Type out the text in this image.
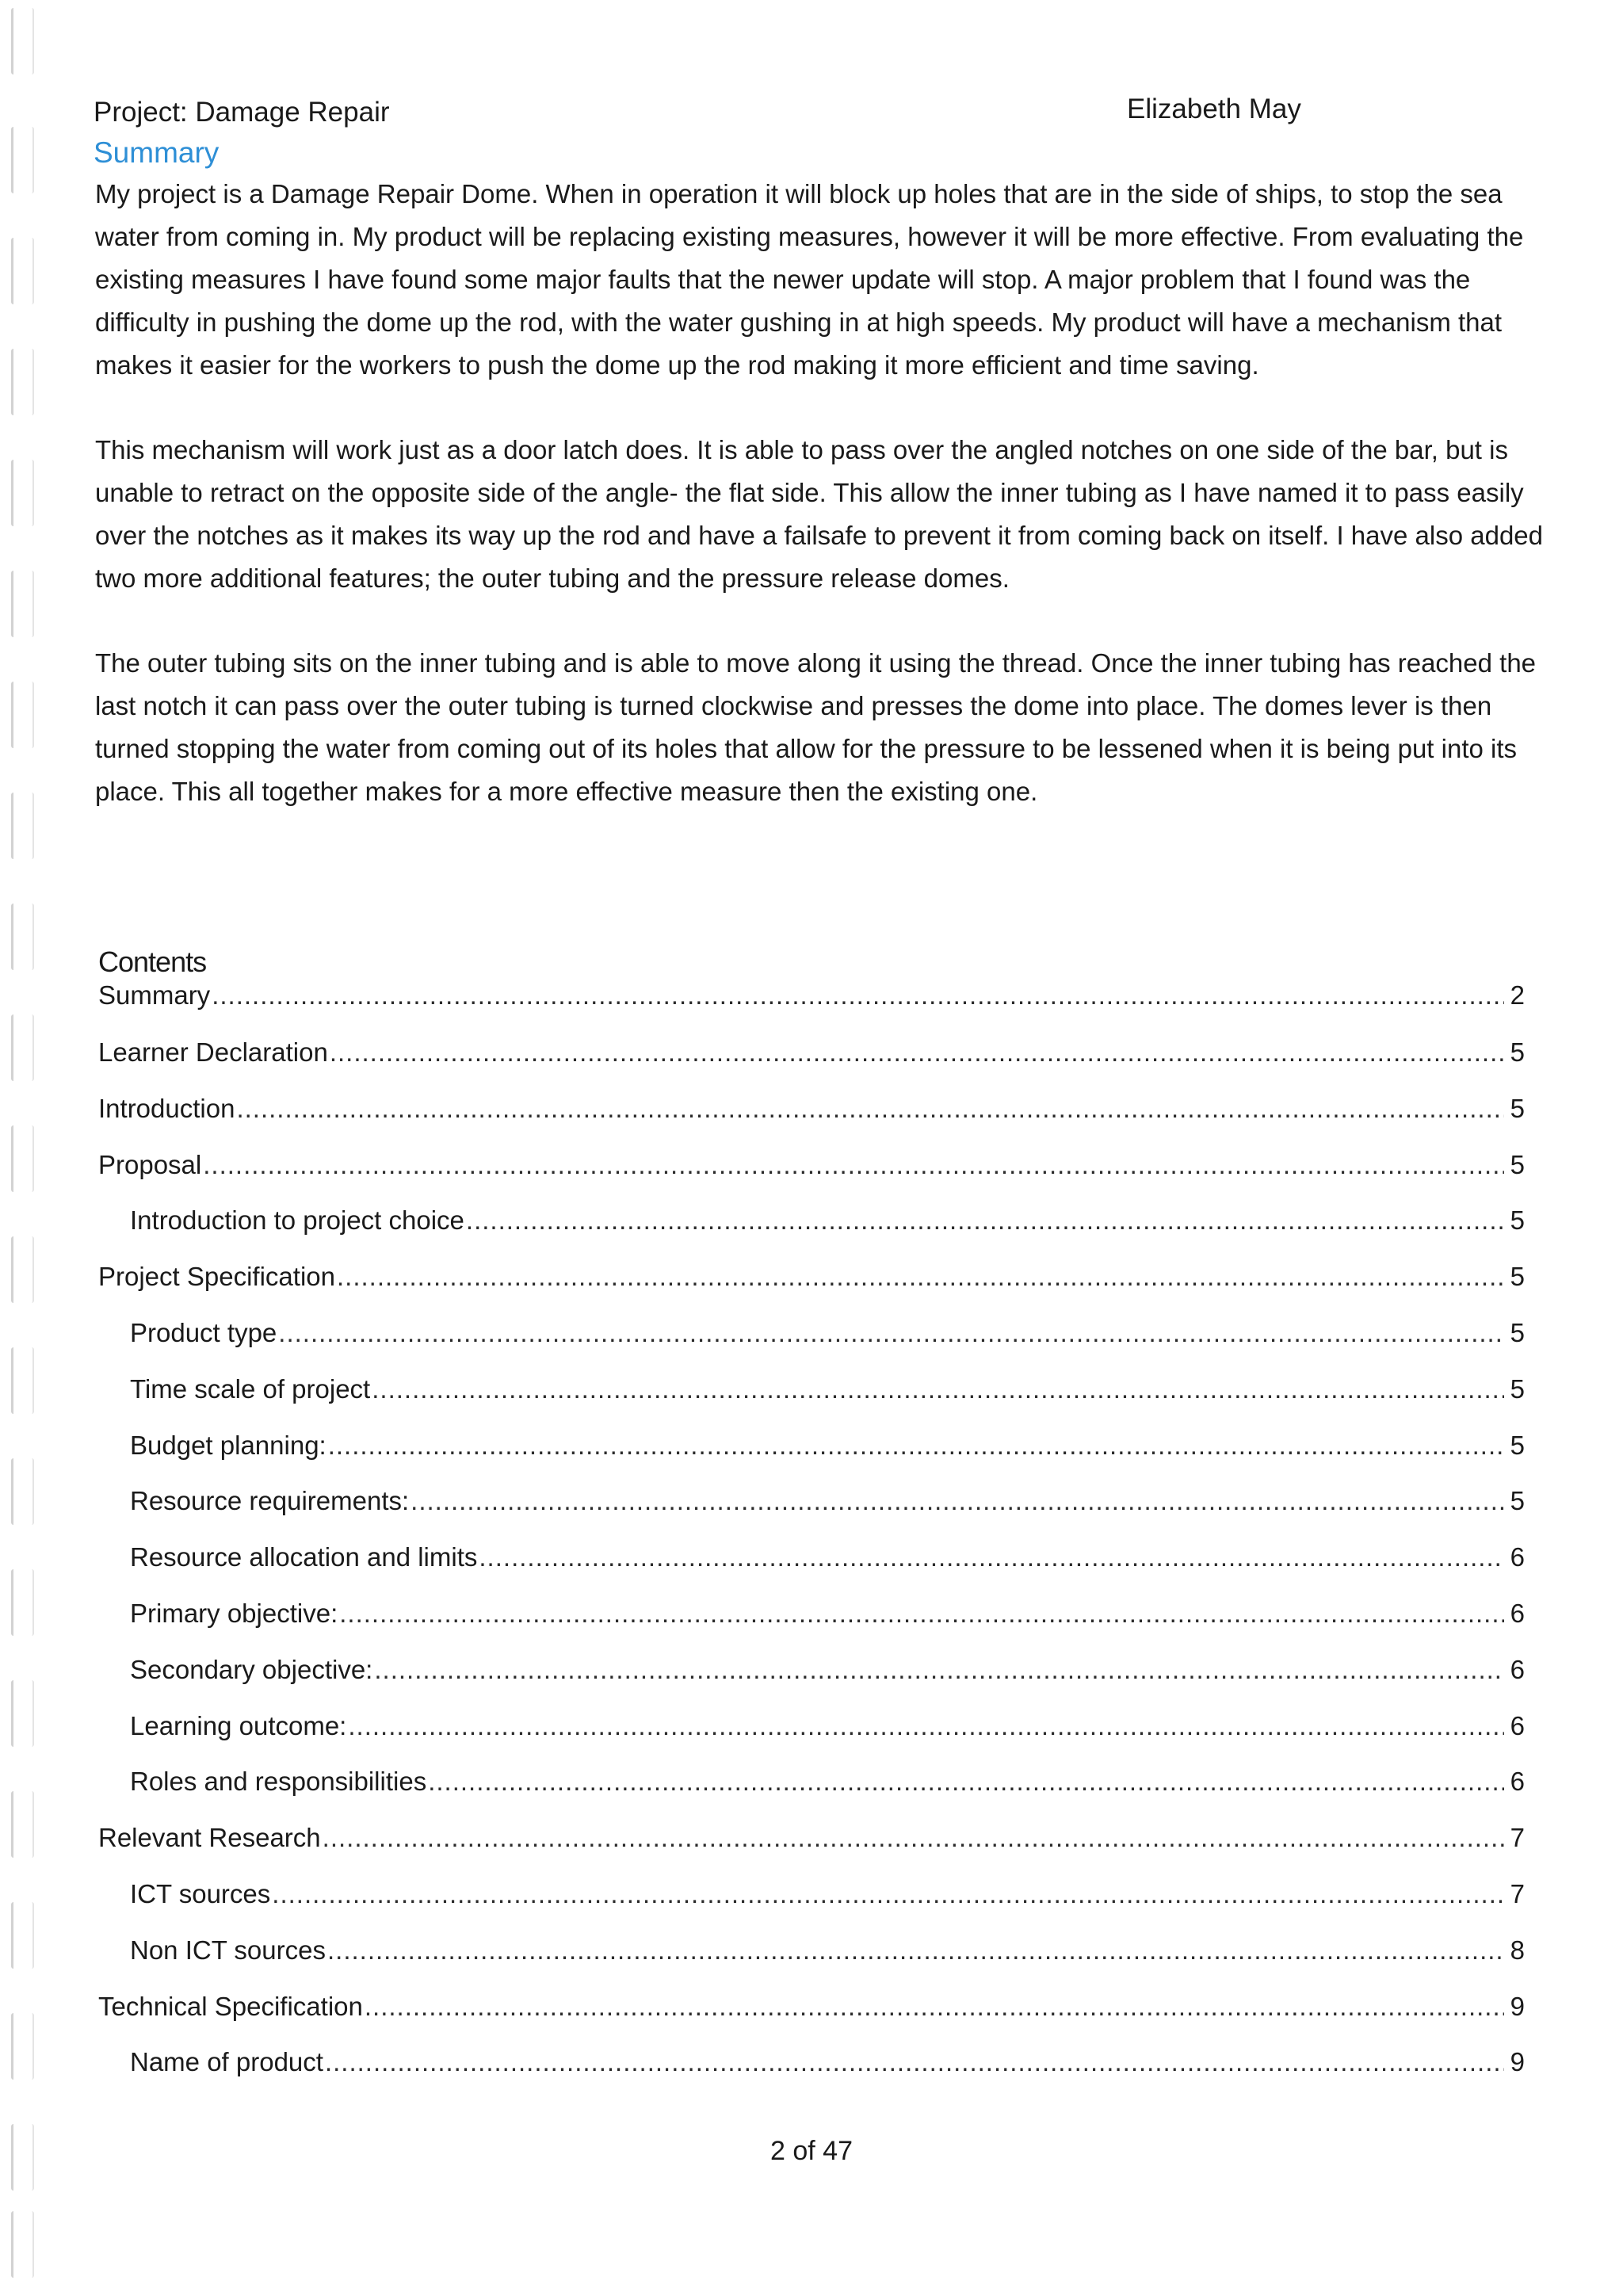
Project: Damage Repair	Elizabeth May
Summary

My project is a Damage Repair Dome. When in operation it will block up holes that are in the side of ships, to stop the sea water from coming in. My product will be replacing existing measures, however it will be more effective. From evaluating the existing measures I have found some major faults that the newer update will stop. A major problem that I found was the difficulty in pushing the dome up the rod, with the water gushing in at high speeds. My product will have a mechanism that makes it easier for the workers to push the dome up the rod making it more efficient and time saving.

This mechanism will work just as a door latch does. It is able to pass over the angled notches on one side of the bar, but is unable to retract on the opposite side of the angle- the flat side. This allow the inner tubing as I have named it to pass easily over the notches as it makes its way up the rod and have a failsafe to prevent it from coming back on itself. I have also added two more additional features; the outer tubing and the pressure release domes.

The outer tubing sits on the inner tubing and is able to move along it using the thread. Once the inner tubing has reached the last notch it can pass over the outer tubing is turned clockwise and presses the dome into place. The domes lever is then turned stopping the water from coming out of its holes that allow for the pressure to be lessened when it is being put into its place. This all together makes for a more effective measure then the existing one.

Contents
Summary .....	2
Learner Declaration .....	5
Introduction .....	5
Proposal .....	5
Introduction to project choice .....	5
Project Specification .....	5
Product type .....	5
Time scale of project .....	5
Budget planning: .....	5
Resource requirements: .....	5
Resource allocation and limits .....	6
Primary objective: .....	6
Secondary objective: .....	6
Learning outcome: .....	6
Roles and responsibilities .....	6
Relevant Research .....	7
ICT sources .....	7
Non ICT sources .....	8
Technical Specification .....	9
Name of product .....	9
2 of 47
